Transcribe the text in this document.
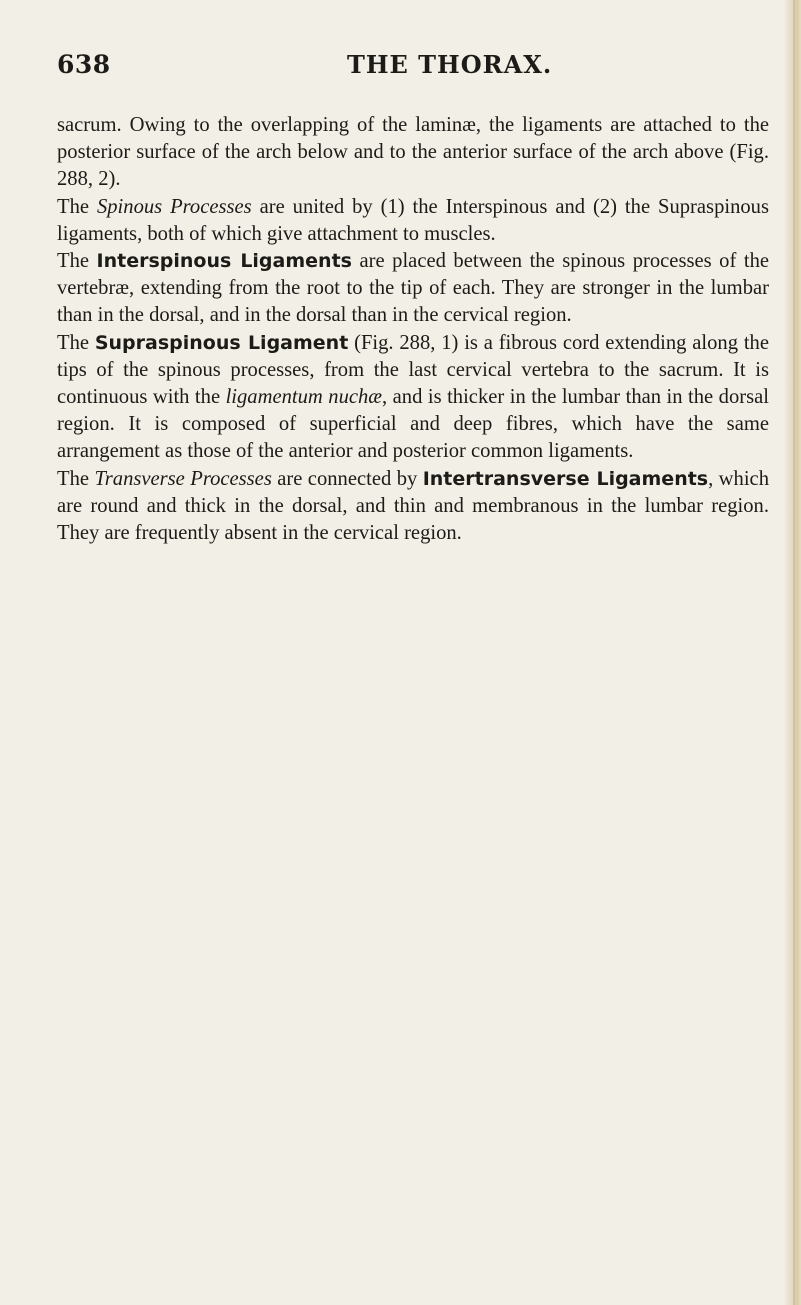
638	THE THORAX.

sacrum. Owing to the overlapping of the laminæ, the ligaments are attached to the posterior surface of the arch below and to the anterior surface of the arch above (Fig. 288, 2).

The Spinous Processes are united by (1) the Interspinous and (2) the Supraspinous ligaments, both of which give attachment to muscles.

The Interspinous Ligaments are placed between the spinous processes of the vertebræ, extending from the root to the tip of each. They are stronger in the lumbar than in the dorsal, and in the dorsal than in the cervical region.

The Supraspinous Ligament (Fig. 288, 1) is a fibrous cord extending along the tips of the spinous processes, from the last cervical vertebra to the sacrum. It is continuous with the ligamentum nuchæ, and is thicker in the lumbar than in the dorsal region. It is composed of superficial and deep fibres, which have the same arrangement as those of the anterior and posterior common ligaments.

The Transverse Processes are connected by Intertransverse Ligaments, which are round and thick in the dorsal, and thin and membranous in the lumbar region. They are frequently absent in the cervical region.
